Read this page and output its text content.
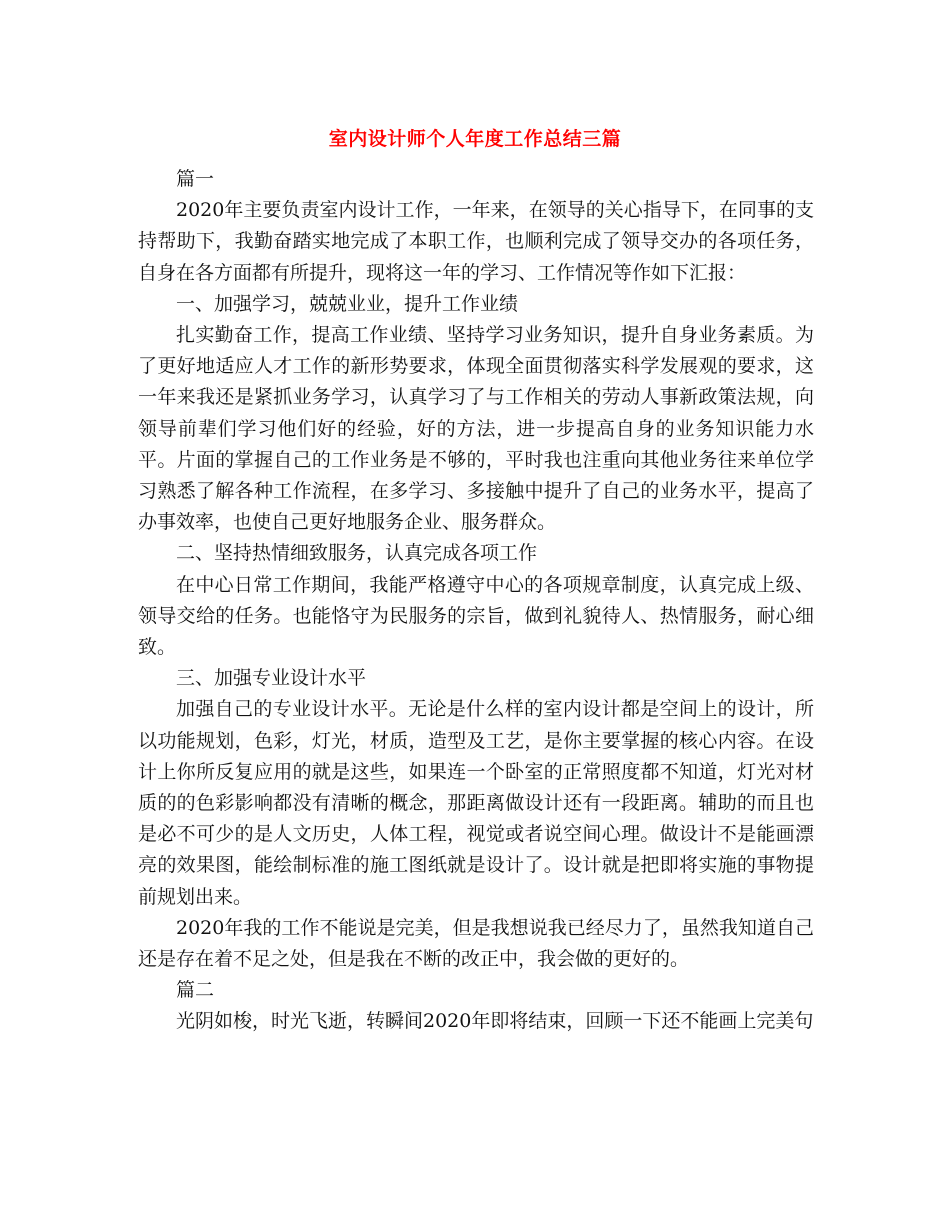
室内设计师个人年度工作总结三篇

篇一

2020年主要负责室内设计工作，一年来，在领导的关心指导下，在同事的支持帮助下，我勤奋踏实地完成了本职工作，也顺利完成了领导交办的各项任务，自身在各方面都有所提升，现将这一年的学习、工作情况等作如下汇报：

一、加强学习，兢兢业业，提升工作业绩

扎实勤奋工作，提高工作业绩、坚持学习业务知识，提升自身业务素质。为了更好地适应人才工作的新形势要求，体现全面贯彻落实科学发展观的要求，这一年来我还是紧抓业务学习，认真学习了与工作相关的劳动人事新政策法规，向领导前辈们学习他们好的经验，好的方法，进一步提高自身的业务知识能力水平。片面的掌握自己的工作业务是不够的，平时我也注重向其他业务往来单位学习熟悉了解各种工作流程，在多学习、多接触中提升了自己的业务水平，提高了办事效率，也使自己更好地服务企业、服务群众。

二、坚持热情细致服务，认真完成各项工作

在中心日常工作期间，我能严格遵守中心的各项规章制度，认真完成上级、领导交给的任务。也能恪守为民服务的宗旨，做到礼貌待人、热情服务，耐心细致。

三、加强专业设计水平

加强自己的专业设计水平。无论是什么样的室内设计都是空间上的设计，所以功能规划，色彩，灯光，材质，造型及工艺，是你主要掌握的核心内容。在设计上你所反复应用的就是这些，如果连一个卧室的正常照度都不知道，灯光对材质的的色彩影响都没有清晰的概念，那距离做设计还有一段距离。辅助的而且也是必不可少的是人文历史，人体工程，视觉或者说空间心理。做设计不是能画漂亮的效果图，能绘制标准的施工图纸就是设计了。设计就是把即将实施的事物提前规划出来。

2020年我的工作不能说是完美，但是我想说我已经尽力了，虽然我知道自己还是存在着不足之处，但是我在不断的改正中，我会做的更好的。

篇二

光阴如梭，时光飞逝，转瞬间2020年即将结束，回顾一下还不能画上完美句
